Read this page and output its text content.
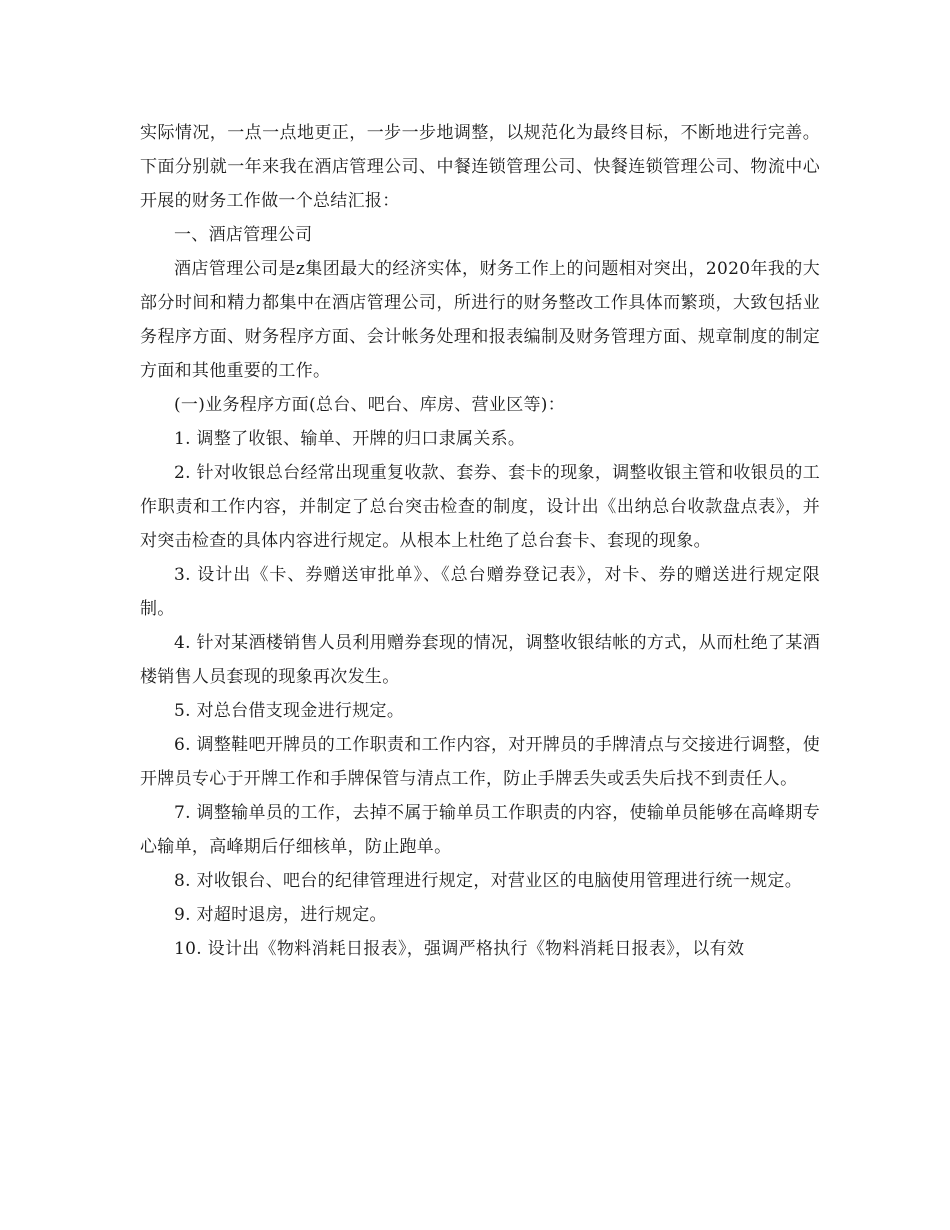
实际情况，一点一点地更正，一步一步地调整，以规范化为最终目标，不断地进行完善。下面分别就一年来我在酒店管理公司、中餐连锁管理公司、快餐连锁管理公司、物流中心开展的财务工作做一个总结汇报：

一、酒店管理公司

酒店管理公司是z集团最大的经济实体，财务工作上的问题相对突出，2020年我的大部分时间和精力都集中在酒店管理公司，所进行的财务整改工作具体而繁琐，大致包括业务程序方面、财务程序方面、会计帐务处理和报表编制及财务管理方面、规章制度的制定方面和其他重要的工作。

(一)业务程序方面(总台、吧台、库房、营业区等)：

1. 调整了收银、输单、开牌的归口隶属关系。

2. 针对收银总台经常出现重复收款、套券、套卡的现象，调整收银主管和收银员的工作职责和工作内容，并制定了总台突击检查的制度，设计出《出纳总台收款盘点表》，并对突击检查的具体内容进行规定。从根本上杜绝了总台套卡、套现的现象。

3. 设计出《卡、券赠送审批单》、《总台赠券登记表》，对卡、券的赠送进行规定限制。

4. 针对某酒楼销售人员利用赠券套现的情况，调整收银结帐的方式，从而杜绝了某酒楼销售人员套现的现象再次发生。

5. 对总台借支现金进行规定。

6. 调整鞋吧开牌员的工作职责和工作内容，对开牌员的手牌清点与交接进行调整，使开牌员专心于开牌工作和手牌保管与清点工作，防止手牌丢失或丢失后找不到责任人。

7. 调整输单员的工作，去掉不属于输单员工作职责的内容，使输单员能够在高峰期专心输单，高峰期后仔细核单，防止跑单。

8. 对收银台、吧台的纪律管理进行规定，对营业区的电脑使用管理进行统一规定。

9. 对超时退房，进行规定。

10. 设计出《物料消耗日报表》，强调严格执行《物料消耗日报表》，以有效
